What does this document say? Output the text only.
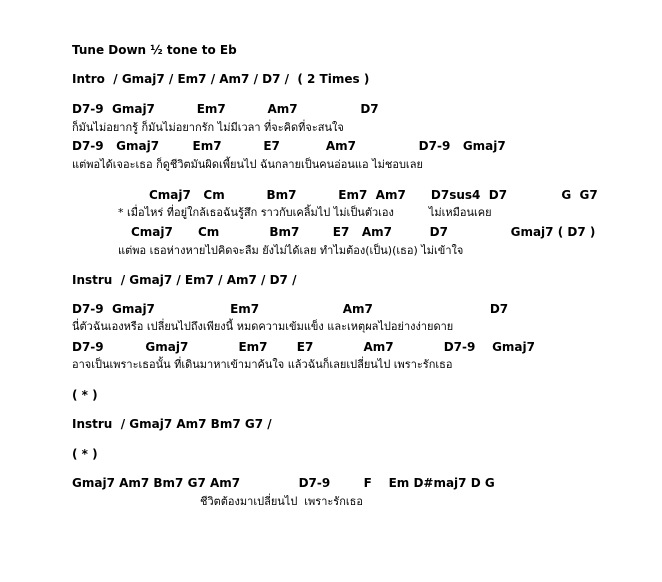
Tune Down ½ tone to Eb
Intro  / Gmaj7 / Em7 / Am7 / D7 /  ( 2 Times )
D7-9  Gmaj7          Em7          Am7               D7
ก็มันไม่อยากรู้ ก็มันไม่อยากรัก ไม่มีเวลา ที่จะคิดที่จะสนใจ
D7-9   Gmaj7        Em7          E7           Am7               D7-9   Gmaj7
แต่พอได้เจอะเธอ ก็ดูชีวิตมันผิดเพี้ยนไป ฉันกลายเป็นคนอ่อนแอ ไม่ชอบเลย
Cmaj7   Cm          Bm7          Em7  Am7      D7sus4  D7             G  G7
* เมื่อไหร่ ที่อยู่ใกล้เธอฉันรู้สึก ราวกับเคลิ้มไป ไม่เป็นตัวเอง          ไม่เหมือนเคย
Cmaj7      Cm            Bm7        E7   Am7         D7               Gmaj7 ( D7 )
แต่พอ เธอห่างหายไปคิดจะลืม ยังไม่ได้เลย ทำไมต้อง(เป็น)(เธอ) ไม่เข้าใจ
Instru  / Gmaj7 / Em7 / Am7 / D7 /
D7-9  Gmaj7                  Em7                    Am7                            D7
นี่ตัวฉันเองหรือ เปลี่ยนไปถึงเพียงนี้ หมดความเข้มแข็ง และเหตุผลไปอย่างง่ายดาย
D7-9          Gmaj7            Em7       E7            Am7            D7-9    Gmaj7
อาจเป็นเพราะเธอนั้น ที่เดินมาหาเข้ามาค้นใจ แล้วฉันก็เลยเปลี่ยนไป เพราะรักเธอ
( * )
Instru  / Gmaj7 Am7 Bm7 G7 /
( * )
Gmaj7 Am7 Bm7 G7 Am7              D7-9        F    Em D#maj7 D G
ชีวิตต้องมาเปลี่ยนไป  เพราะรักเธอ
